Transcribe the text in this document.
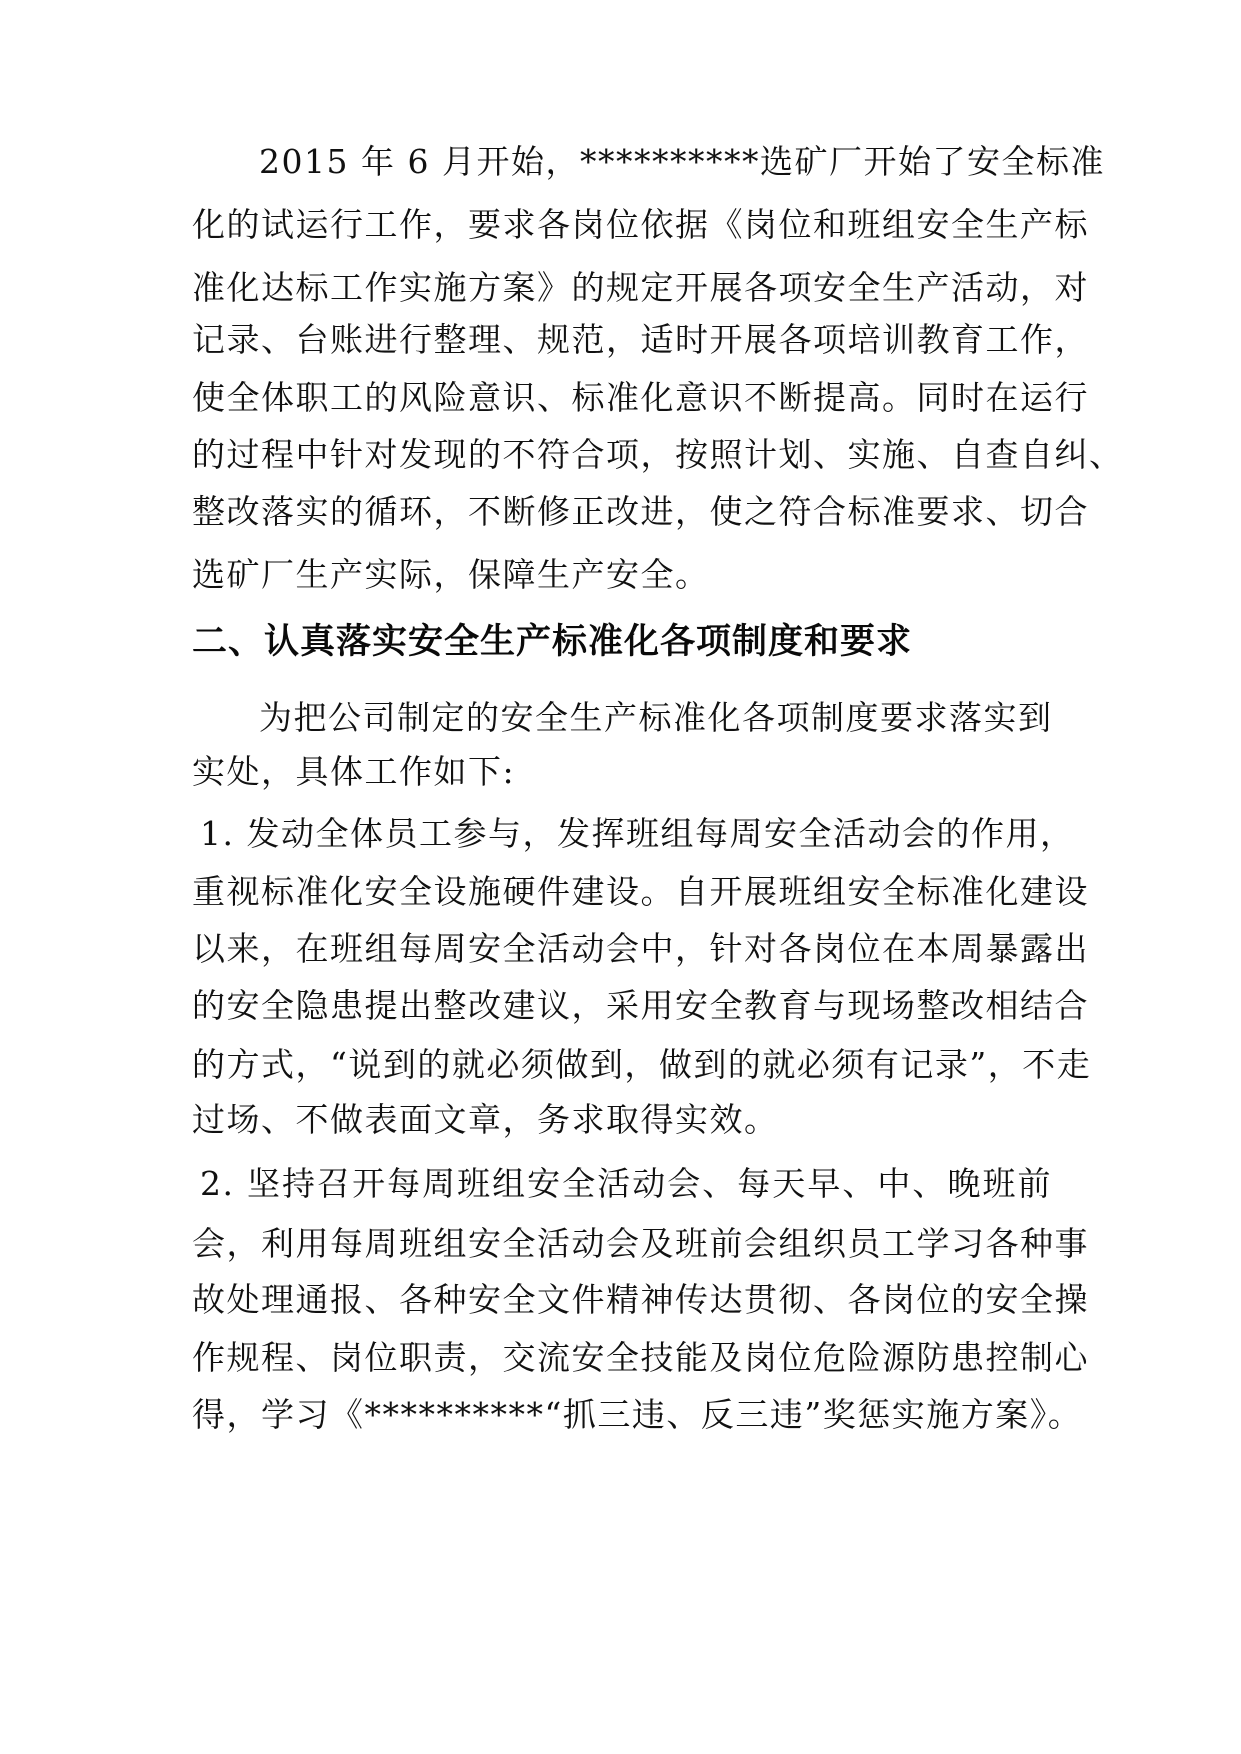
2015 年 6 月开始，**********选矿厂开始了安全标准
化的试运行工作，要求各岗位依据《岗位和班组安全生产标
准化达标工作实施方案》的规定开展各项安全生产活动，对
记录、台账进行整理、规范，适时开展各项培训教育工作，
使全体职工的风险意识、标准化意识不断提高。同时在运行
的过程中针对发现的不符合项，按照计划、实施、自查自纠、
整改落实的循环，不断修正改进，使之符合标准要求、切合
选矿厂生产实际，保障生产安全。
二、认真落实安全生产标准化各项制度和要求
为把公司制定的安全生产标准化各项制度要求落实到
实处，具体工作如下:
1. 发动全体员工参与，发挥班组每周安全活动会的作用，
重视标准化安全设施硬件建设。自开展班组安全标准化建设
以来，在班组每周安全活动会中，针对各岗位在本周暴露出
的安全隐患提出整改建议，采用安全教育与现场整改相结合
的方式，“说到的就必须做到，做到的就必须有记录”，不走
过场、不做表面文章，务求取得实效。
2. 坚持召开每周班组安全活动会、每天早、中、晚班前
会，利用每周班组安全活动会及班前会组织员工学习各种事
故处理通报、各种安全文件精神传达贯彻、各岗位的安全操
作规程、岗位职责，交流安全技能及岗位危险源防患控制心
得，学习《**********“抓三违、反三违”奖惩实施方案》。
